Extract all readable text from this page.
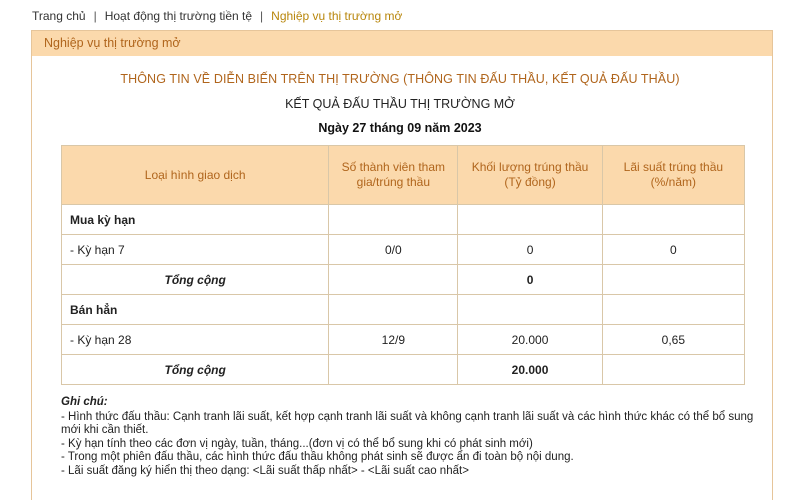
Trang chủ | Hoạt động thị trường tiền tệ | Nghiệp vụ thị trường mở
Nghiệp vụ thị trường mở
THÔNG TIN VỀ DIỄN BIẾN TRÊN THỊ TRƯỜNG (THÔNG TIN ĐẤU THẦU, KẾT QUẢ ĐẤU THẦU)
KẾT QUẢ ĐẤU THẦU THỊ TRƯỜNG MỞ
Ngày 27 tháng 09 năm 2023
Loại hình giao dịch	Số thành viên tham gia/trúng thầu	Khối lượng trúng thầu (Tỷ đồng)	Lãi suất trúng thầu (%/năm)
Mua kỳ hạn			
- Kỳ hạn 7	0/0	0	0
Tổng cộng		0	
Bán hẳn			
- Kỳ hạn 28	12/9	20.000	0,65
Tổng cộng		20.000	
Ghi chú:
- Hình thức đấu thầu: Cạnh tranh lãi suất, kết hợp cạnh tranh lãi suất và không cạnh tranh lãi suất và các hình thức khác có thể bổ sung mới khi cần thiết.
- Kỳ hạn tính theo các đơn vị ngày, tuần, tháng...(đơn vị có thể bổ sung khi có phát sinh mới)
- Trong một phiên đấu thầu, các hình thức đấu thầu không phát sinh sẽ được ẩn đi toàn bộ nội dung.
- Lãi suất đăng ký hiển thị theo dạng: <Lãi suất thấp nhất> - <Lãi suất cao nhất>
